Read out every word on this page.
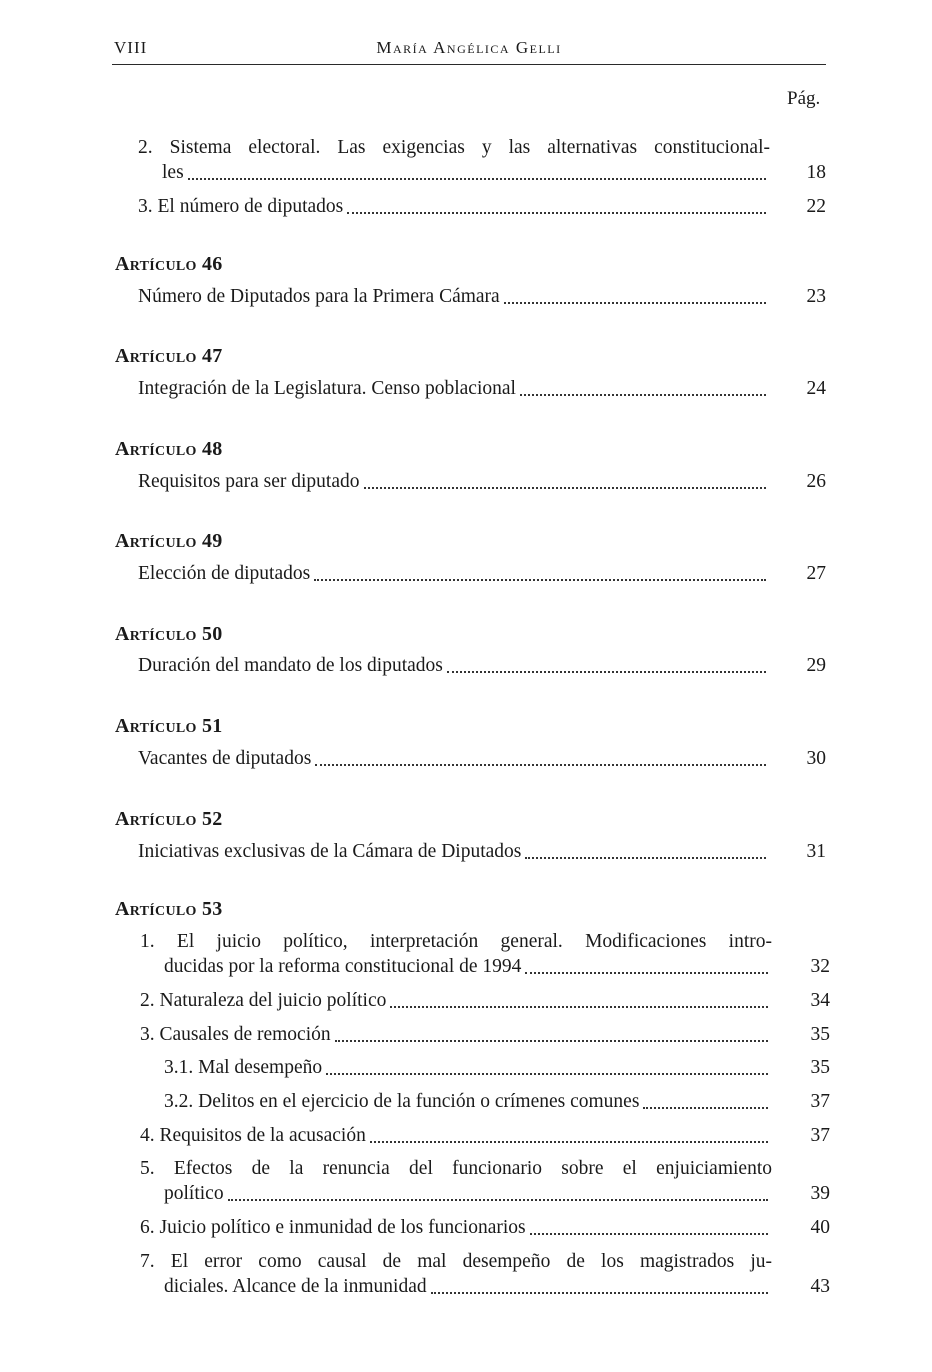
VIII	María Angélica Gelli
Pág.
2. Sistema electoral. Las exigencias y las alternativas constitucional-
les	18
3. El número de diputados	22
Artículo 46
Número de Diputados para la Primera Cámara	23
Artículo 47
Integración de la Legislatura. Censo poblacional	24
Artículo 48
Requisitos para ser diputado	26
Artículo 49
Elección de diputados	27
Artículo 50
Duración del mandato de los diputados	29
Artículo 51
Vacantes de diputados	30
Artículo 52
Iniciativas exclusivas de la Cámara de Diputados	31
Artículo 53
1. El juicio político, interpretación general. Modificaciones intro-
ducidas por la reforma constitucional de 1994	32
2. Naturaleza del juicio político	34
3. Causales de remoción	35
3.1. Mal desempeño	35
3.2. Delitos en el ejercicio de la función o crímenes comunes	37
4. Requisitos de la acusación	37
5. Efectos de la renuncia del funcionario sobre el enjuiciamiento
político	39
6. Juicio político e inmunidad de los funcionarios	40
7. El error como causal de mal desempeño de los magistrados ju-
diciales. Alcance de la inmunidad	43
